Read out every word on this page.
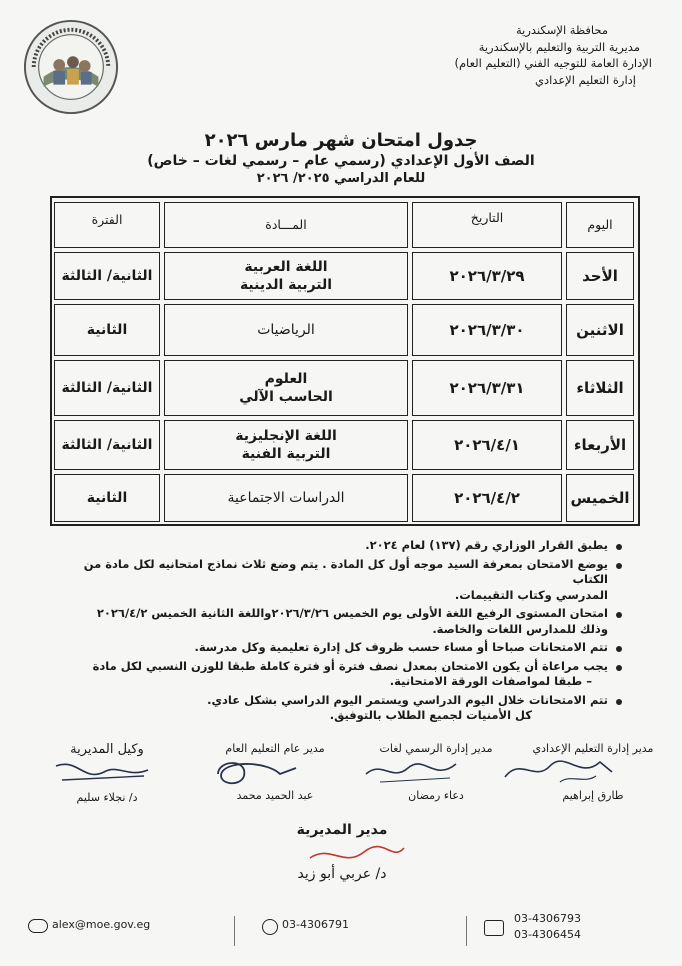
محافظة الإسكندرية
مديرية التربية والتعليم بالإسكندرية
الإدارة العامة للتوجيه الفني (التعليم العام)
إدارة التعليم الإعدادي
جدول امتحان شهر مارس ٢٠٢٦
الصف الأول الإعدادي (رسمي عام – رسمي لغات – خاص)
للعام الدراسي ٢٠٢٥/ ٢٠٢٦
اليوم
التاريخ
المـــادة
الفترة
الأحد
٢٠٢٦/٣/٢٩
اللغة العربية
التربية الدينية
الثانية/ الثالثة
الاثنين
٢٠٢٦/٣/٣٠
الرياضيات
الثانية
الثلاثاء
٢٠٢٦/٣/٣١
العلوم
الحاسب الآلي
الثانية/ الثالثة
الأربعاء
٢٠٢٦/٤/١
اللغة الإنجليزية
التربية الفنية
الثانية/ الثالثة
الخميس
٢٠٢٦/٤/٢
الدراسات الاجتماعية
الثانية
يطبق القرار الوزاري رقم (١٣٧) لعام ٢٠٢٤.
يوضع الامتحان بمعرفة السيد موجه أول كل المادة . يتم وضع ثلاث نماذج امتحانيه لكل مادة من الكتاب
المدرسي وكتاب التقييمات.
امتحان المستوى الرفيع اللغة الأولى يوم الخميس ٢٠٢٦/٣/٢٦واللغة الثانية الخميس ٢٠٢٦/٤/٢
وذلك للمدارس اللغات والخاصة.
تتم الامتحانات صباحا أو مساء حسب ظروف كل إدارة تعليمية وكل مدرسة.
يجب مراعاة أن يكون الامتحان بمعدل نصف فترة أو فترة كاملة طبقا للوزن النسبي لكل مادة
– طبقا لمواصفات الورقة الامتحانية.
تتم الامتحانات خلال اليوم الدراسي ويستمر اليوم الدراسي بشكل عادي.
كل الأمنيات لجميع الطلاب بالتوفيق.
مدير إدارة التعليم الإعدادي
طارق إبراهيم
مدير إدارة الرسمي لغات
دعاء رمضان
مدير عام التعليم العام
عبد الحميد محمد
وكيل المديرية
د/ نجلاء سليم
مدير المديرية
د/ عربي أبو زيد
alex@moe.gov.eg	03-4306791	03-4306793
03-4306454
